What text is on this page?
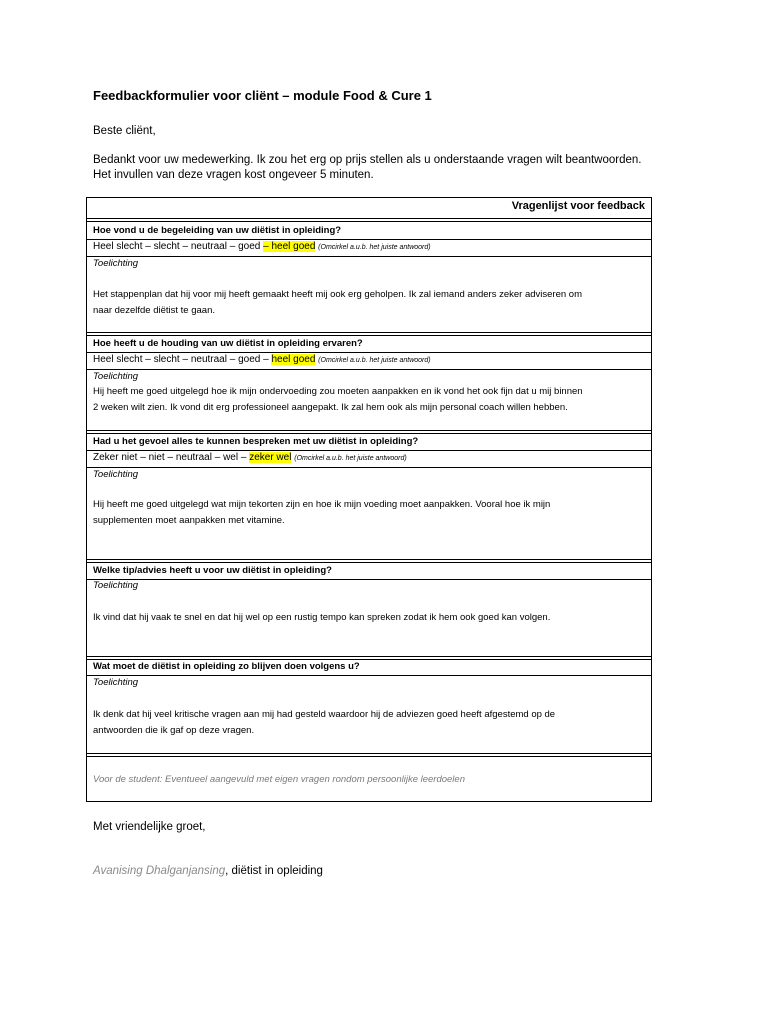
Feedbackformulier voor cliënt – module Food & Cure 1
Beste cliënt,
Bedankt voor uw medewerking. Ik zou het erg op prijs stellen als u onderstaande vragen wilt beantwoorden.
Het invullen van deze vragen kost ongeveer 5 minuten.
Vragenlijst voor feedback
Hoe vond u de begeleiding van uw diëtist in opleiding?
Heel slecht – slecht – neutraal – goed – heel goed (Omcirkel a.u.b. het juiste antwoord)
Toelichting
Het stappenplan dat hij voor mij heeft gemaakt heeft mij ook erg geholpen. Ik zal iemand anders zeker adviseren om
naar dezelfde diëtist te gaan.
Hoe heeft u de houding van uw diëtist in opleiding ervaren?
Heel slecht – slecht – neutraal – goed – heel goed (Omcirkel a.u.b. het juiste antwoord)
Toelichting
Hij heeft me goed uitgelegd hoe ik mijn ondervoeding zou moeten aanpakken en ik vond het ook fijn dat u mij binnen
2 weken wilt zien. Ik vond dit erg professioneel aangepakt. Ik zal hem ook als mijn personal coach willen hebben.
Had u het gevoel alles te kunnen bespreken met uw diëtist in opleiding?
Zeker niet – niet – neutraal – wel – zeker wel (Omcirkel a.u.b. het juiste antwoord)
Toelichting
Hij heeft me goed uitgelegd wat mijn tekorten zijn en hoe ik mijn voeding moet aanpakken. Vooral hoe ik mijn
supplementen moet aanpakken met vitamine.
Welke tip/advies heeft u voor uw diëtist in opleiding?
Toelichting
Ik vind dat hij vaak te snel en dat hij wel op een rustig tempo kan spreken zodat ik hem ook goed kan volgen.
Wat moet de diëtist in opleiding zo blijven doen volgens u?
Toelichting
Ik denk dat hij veel kritische vragen aan mij had gesteld waardoor hij de adviezen goed heeft afgestemd op de
antwoorden die ik gaf op deze vragen.
Voor de student: Eventueel aangevuld met eigen vragen rondom persoonlijke leerdoelen
Met vriendelijke groet,
Avanising Dhalganjansing, diëtist in opleiding
